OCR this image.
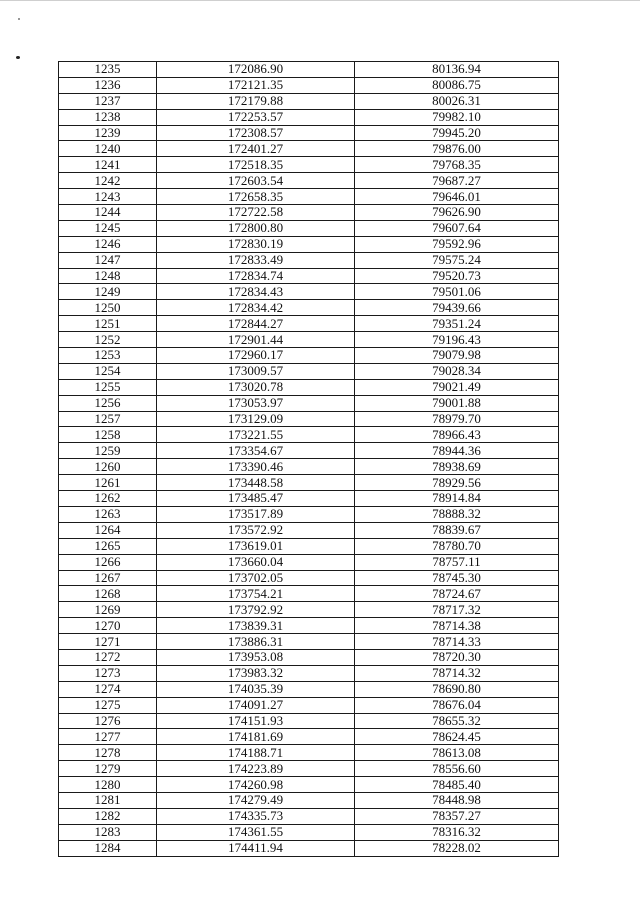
1235	172086.90	80136.94
1236	172121.35	80086.75
1237	172179.88	80026.31
1238	172253.57	79982.10
1239	172308.57	79945.20
1240	172401.27	79876.00
1241	172518.35	79768.35
1242	172603.54	79687.27
1243	172658.35	79646.01
1244	172722.58	79626.90
1245	172800.80	79607.64
1246	172830.19	79592.96
1247	172833.49	79575.24
1248	172834.74	79520.73
1249	172834.43	79501.06
1250	172834.42	79439.66
1251	172844.27	79351.24
1252	172901.44	79196.43
1253	172960.17	79079.98
1254	173009.57	79028.34
1255	173020.78	79021.49
1256	173053.97	79001.88
1257	173129.09	78979.70
1258	173221.55	78966.43
1259	173354.67	78944.36
1260	173390.46	78938.69
1261	173448.58	78929.56
1262	173485.47	78914.84
1263	173517.89	78888.32
1264	173572.92	78839.67
1265	173619.01	78780.70
1266	173660.04	78757.11
1267	173702.05	78745.30
1268	173754.21	78724.67
1269	173792.92	78717.32
1270	173839.31	78714.38
1271	173886.31	78714.33
1272	173953.08	78720.30
1273	173983.32	78714.32
1274	174035.39	78690.80
1275	174091.27	78676.04
1276	174151.93	78655.32
1277	174181.69	78624.45
1278	174188.71	78613.08
1279	174223.89	78556.60
1280	174260.98	78485.40
1281	174279.49	78448.98
1282	174335.73	78357.27
1283	174361.55	78316.32
1284	174411.94	78228.02
